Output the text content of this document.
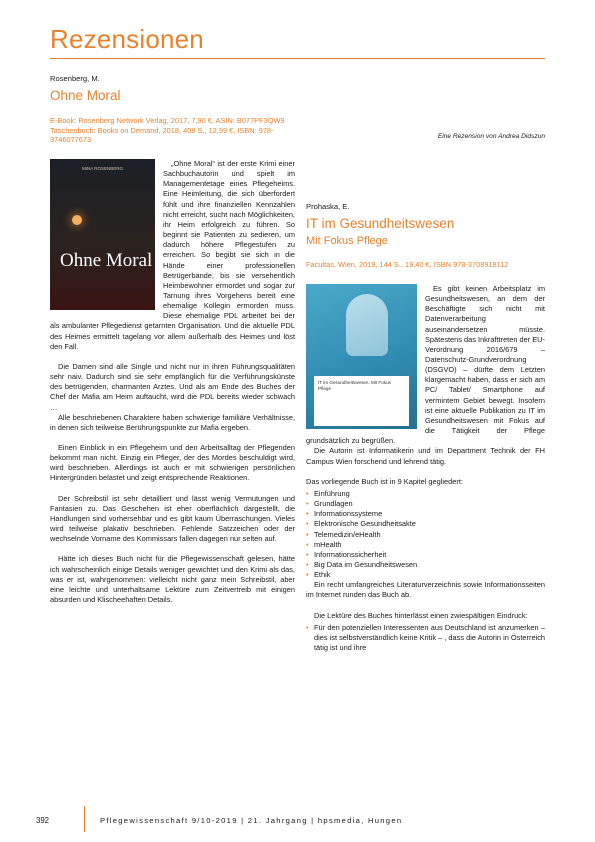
Rezensionen
Rosenberg, M.
Ohne Moral
E-Book: Rosenberg Network Verlag, 2017, 7,90 €, ASIN: B077PF3QW9 Taschenbuch: Books on Demand, 2018, 408 S., 12,99 €, ISBN: 978-3746077673
MINA ROSENBERG
Ohne Moral

„Ohne Moral“ ist der erste Krimi einer Sachbuchautorin und spielt im Managementetage eines Pflegeheims. Eine Heimleitung, die sich überfordert fühlt und ihre finanziellen Kennzahlen nicht erreicht, sucht nach Möglichkeiten, ihr Heim erfolgreich zu führen. So beginnt sie Patienten zu sedieren, um dadurch höhere Pflegestufen zu erreichen. So begibt sie sich in die Hände einer professionellen Betrügerbande, bis sie versehentlich Heimbewohner ermordet und sogar zur Tarnung ihres Vorgehens bereit eine ehemalige Kollegin ermorden muss. Diese ehemalige PDL arbeitet bei der als ambulanter Pflegedienst getarnten Organisation. Und die aktuelle PDL des Heimes ermittelt tagelang vor allem außerhalb des Heimes und löst den Fall.

Die Damen sind alle Single und nicht nur in ihren Führungsqualitäten sehr naiv. Dadurch sind sie sehr empfänglich für die Verführungskünste des betrügenden, charmanten Arztes. Und als am Ende des Buches der Chef der Mafia am Heim auftaucht, wird die PDL bereits wieder schwach …

Alle beschriebenen Charaktere haben schwierige familiäre Verhältnisse, in denen sich teilweise Berührungspunkte zur Mafia ergeben.

Einen Einblick in ein Pflegeheim und den Arbeitsalltag der Pflegenden bekommt man nicht. Einzig ein Pfleger, der des Mordes beschuldigt wird, wird beschrieben. Allerdings ist auch er mit schwierigen persönlichen Hintergründen belastet und zeigt entsprechende Reaktionen.

Der Schreibstil ist sehr detailliert und lässt wenig Vermutungen und Fantasien zu. Das Geschehen ist eher oberflächlich dargestellt, die Handlungen sind vorhersehbar und es gibt kaum Überraschungen. Vieles wird teilweise plakativ beschrieben. Fehlende Satzzeichen oder der wechselnde Vorname des Kommissars fallen dagegen nur selten auf.

Hätte ich dieses Buch nicht für die Pflegewissenschaft gelesen, hätte ich wahrscheinlich einige Details weniger gewichtet und den Krimi als das, was er ist, wahrgenommen: vielleicht nicht ganz mein Schreibstil, aber eine leichte und unterhaltsame Lektüre zum Zeitvertreib mit einigen absurden und Klischeehaften Details.

Eine Rezension von Andrea Didszun
Prohaska, E.
IT im Gesundheitswesen
Mit Fokus Pflege
Facultas, Wien, 2019, 144 S., 19,40 €, ISBN 978-3708918112
IT im Gesundheitswesen. Mit Fokus Pflege

Es gibt keinen Arbeitsplatz im Gesundheitswesen, an dem der Beschäftigte sich nicht mit Datenverarbeitung auseinandersetzen müsste. Spätestens das Inkrafttreten der EU-Verordnung 2016/679 – Datenschutz-Grundverordnung (DSGVO) – dürfte dem Letzten klargemacht haben, dass er sich am PC/ Tablet/ Smartphone auf vermintem Gebiet bewegt. Insofern ist eine aktuelle Publikation zu IT im Gesundheitswesen mit Fokus auf die Tätigkeit der Pflege grundsätzlich zu begrüßen.

Die Autorin ist Informatikerin und im Department Technik der FH Campus Wien forschend und lehrend tätig.

Das vorliegende Buch ist in 9 Kapitel gegliedert:

• Einführung
• Grundlagen
• Informationssysteme
• Elektronische Gesundheitsakte
• Telemedizin/eHealth
• mHealth
• Informationssicherheit
• Big Data im Gesundheitswesen
• Ethik

Ein recht umfangreiches Literaturverzeichnis sowie Informationsseiten im Internet runden das Buch ab.

Die Lektüre des Buches hinterlässt einen zwiespältigen Eindruck:

• Für den potenziellen Interessenten aus Deutschland ist anzumerken – dies ist selbstverständlich keine Kritik – , dass die Autorin in Österreich tätig ist und ihre
392	Pflegewissenschaft 9/10-2019 | 21. Jahrgang | hpsmedia, Hungen
